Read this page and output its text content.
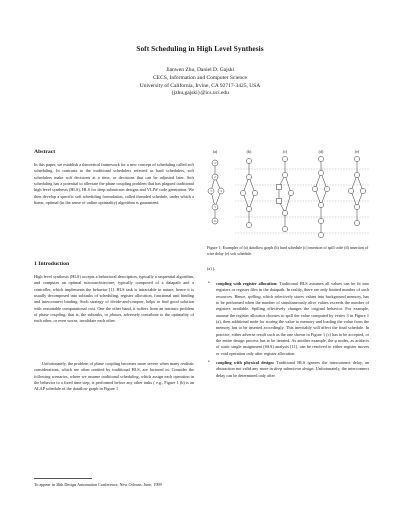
Soft Scheduling in High Level Synthesis
Jianwen Zhu, Daniel D. Gajski
CECS, Information and Computer Science
University of California, Irvine, CA 92717-3425, USA
{jzhu,gajski}@ics.uci.edu
Abstract

In this paper, we establish a theoretical framework for a new concept of scheduling called soft scheduling. In contrasts to the traditional schedulers referred as hard schedulers, soft schedulers make soft decisions at a time, or decisions that can be adjusted later. Soft scheduling has a potential to alleviate the phase coupling problem that has plagued traditional high level synthesis (HLS), HLS for deep submicron designs and VLIW code generation. We then develop a specific soft scheduling formulation, called threaded schedule, under which a linear, optimal (in the sense of online optimality) algorithm is guaranteed.

1 Introduction

High level synthesis (HLS) accepts a behavioral description, typically a sequential algorithm, and computes an optimal microarchitecture, typically composed of a datapath and a controller, which implements the behavior [1]. HLS task is intractable in nature, hence it is usually decomposed into subtasks of scheduling, register allocation, functional unit binding and interconnect binding. Such strategy of divide-and-conquer, helps to find good solution with reasonable computational cost. One the other hand, it suffers from an intrinsic problem of phase coupling, that is, the subtasks, or phases, adversely contribute to the optimality of each other, or even worse, invalidate each other.

Unfortunately, the problem of phase coupling becomes more severe when many realistic considerations, which are often omitted by traditional HLS, are factored in. Consider the following scenarios, where we assume traditional scheduling, which assign each operation in the behavior to a fixed time step, is performed before any other tasks ( e.g., Figure 1 (b) is an ALAP schedule of the dataflow graph in Figure 1

To appear in 36th Design Automation Conference, New Orleans, June, 1999
(a)	(b)	(c)	(d)	(e)
1
2
3	4
5
6
Figure 1: Examples of (a) dataflow graph (b) hard schedule (c) insertion of spill code (d) insertion of wire delay (e) soft schedule.
(a) ).
• coupling with register allocation: Traditional HLS assumes all values can be fit into registers or register files in the datapath. In reality, there are only limited number of such resources. Hence, spilling, which selectively stores values into background memory, has to be performed when the number of simultaneously alive values exceeds the number of registers available. Spilling effectively changes the original behavior. For example, assume the register allocator chooses to spill the value computed by vertex 3 in Figure 1 (a), then additional node for storing the value to memory and loading the value from the memory has to be inserted accordingly. This inevitably will affect the final schedule. In practice, either adverse result such as the one shown in Figure 1 (c) has to be accepted, or the entire design process has to be iterated. As another example, the φ nodes, as artifacts of static single assignment (SSA) analysis [11], can be resolved to either register moves or void operation only after register allocation.
• coupling with physical design: Traditional HLS ignores the interconnect delay, an abstraction not valid any more in deep submicron design. Unfortunately, the interconnect delay can be determined only after
